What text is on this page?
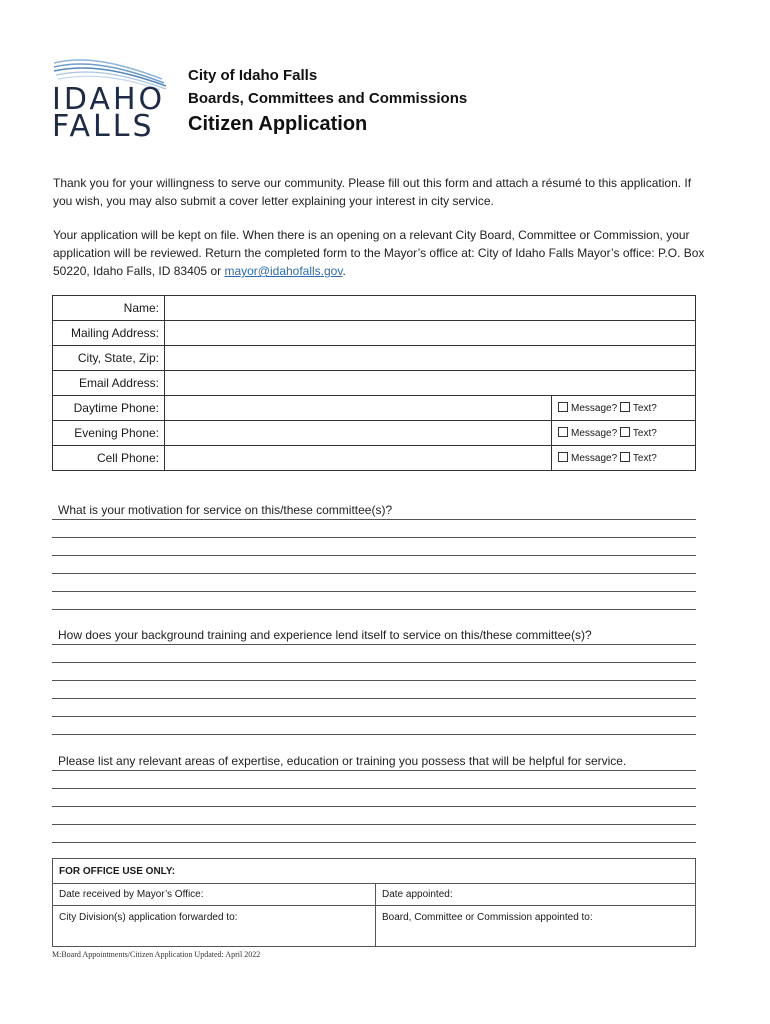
IDAHO
FALLS
City of Idaho Falls
Boards, Committees and Commissions
Citizen Application
Thank you for your willingness to serve our community. Please fill out this form and attach a résumé to this application. If you wish, you may also submit a cover letter explaining your interest in city service.
Your application will be kept on file. When there is an opening on a relevant City Board, Committee or Commission, your application will be reviewed. Return the completed form to the Mayor’s office at: City of Idaho Falls Mayor’s office: P.O. Box 50220, Idaho Falls, ID 83405 or mayor@idahofalls.gov.
Name:		
Mailing Address:		
City, State, Zip:		
Email Address:		
Daytime Phone:		Message? Text?
Evening Phone:		Message? Text?
Cell Phone:		Message? Text?
What is your motivation for service on this/these committee(s)?
How does your background training and experience lend itself to service on this/these committee(s)?
Please list any relevant areas of expertise, education or training you possess that will be helpful for service.
FOR OFFICE USE ONLY:	
Date received by Mayor’s Office:	Date appointed:
City Division(s) application forwarded to:	Board, Committee or Commission appointed to:
M:Board Appointments/Citizen Application Updated: April 2022
